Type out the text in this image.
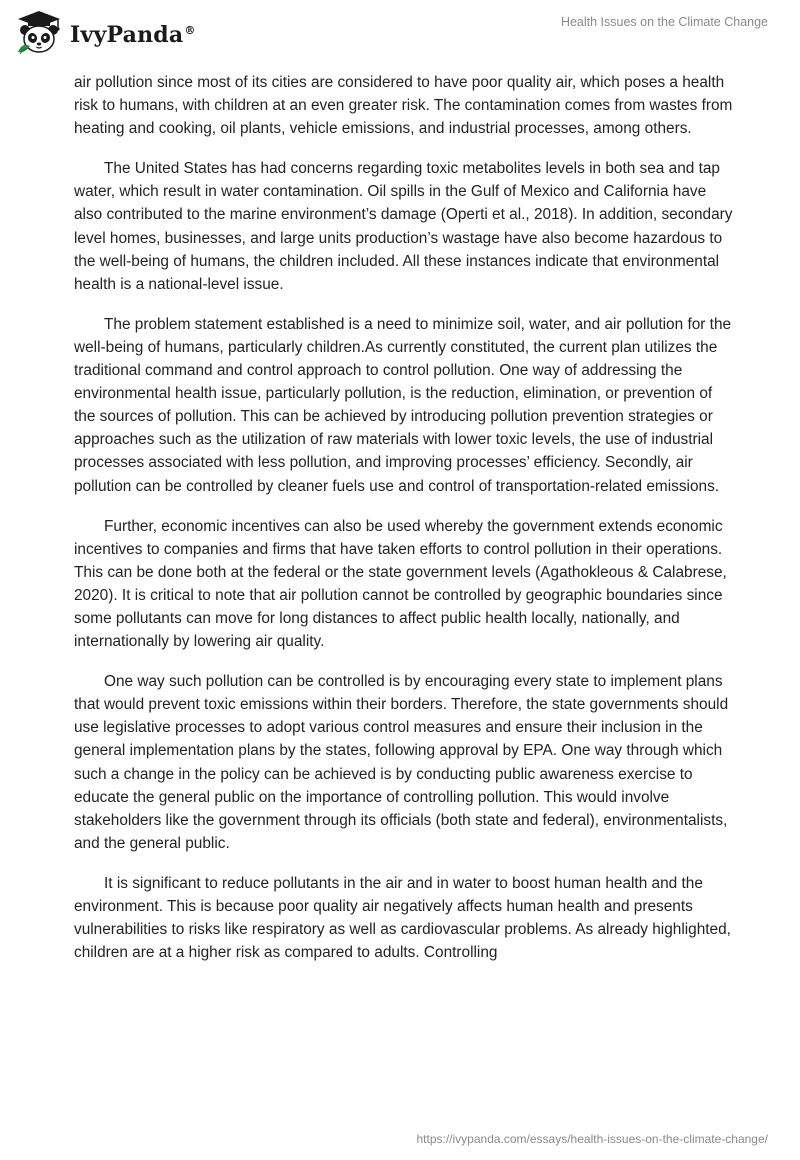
IvyPanda®
Health Issues on the Climate Change

air pollution since most of its cities are considered to have poor quality air, which poses a health risk to humans, with children at an even greater risk. The contamination comes from wastes from heating and cooking, oil plants, vehicle emissions, and industrial processes, among others.

The United States has had concerns regarding toxic metabolites levels in both sea and tap water, which result in water contamination. Oil spills in the Gulf of Mexico and California have also contributed to the marine environment’s damage (Operti et al., 2018). In addition, secondary level homes, businesses, and large units production’s wastage have also become hazardous to the well-being of humans, the children included. All these instances indicate that environmental health is a national-level issue.

The problem statement established is a need to minimize soil, water, and air pollution for the well-being of humans, particularly children.As currently constituted, the current plan utilizes the traditional command and control approach to control pollution. One way of addressing the environmental health issue, particularly pollution, is the reduction, elimination, or prevention of the sources of pollution. This can be achieved by introducing pollution prevention strategies or approaches such as the utilization of raw materials with lower toxic levels, the use of industrial processes associated with less pollution, and improving processes’ efficiency. Secondly, air pollution can be controlled by cleaner fuels use and control of transportation-related emissions.

Further, economic incentives can also be used whereby the government extends economic incentives to companies and firms that have taken efforts to control pollution in their operations. This can be done both at the federal or the state government levels (Agathokleous & Calabrese, 2020). It is critical to note that air pollution cannot be controlled by geographic boundaries since some pollutants can move for long distances to affect public health locally, nationally, and internationally by lowering air quality.

One way such pollution can be controlled is by encouraging every state to implement plans that would prevent toxic emissions within their borders. Therefore, the state governments should use legislative processes to adopt various control measures and ensure their inclusion in the general implementation plans by the states, following approval by EPA. One way through which such a change in the policy can be achieved is by conducting public awareness exercise to educate the general public on the importance of controlling pollution. This would involve stakeholders like the government through its officials (both state and federal), environmentalists, and the general public.

It is significant to reduce pollutants in the air and in water to boost human health and the environment. This is because poor quality air negatively affects human health and presents vulnerabilities to risks like respiratory as well as cardiovascular problems. As already highlighted, children are at a higher risk as compared to adults. Controlling

https://ivypanda.com/essays/health-issues-on-the-climate-change/
